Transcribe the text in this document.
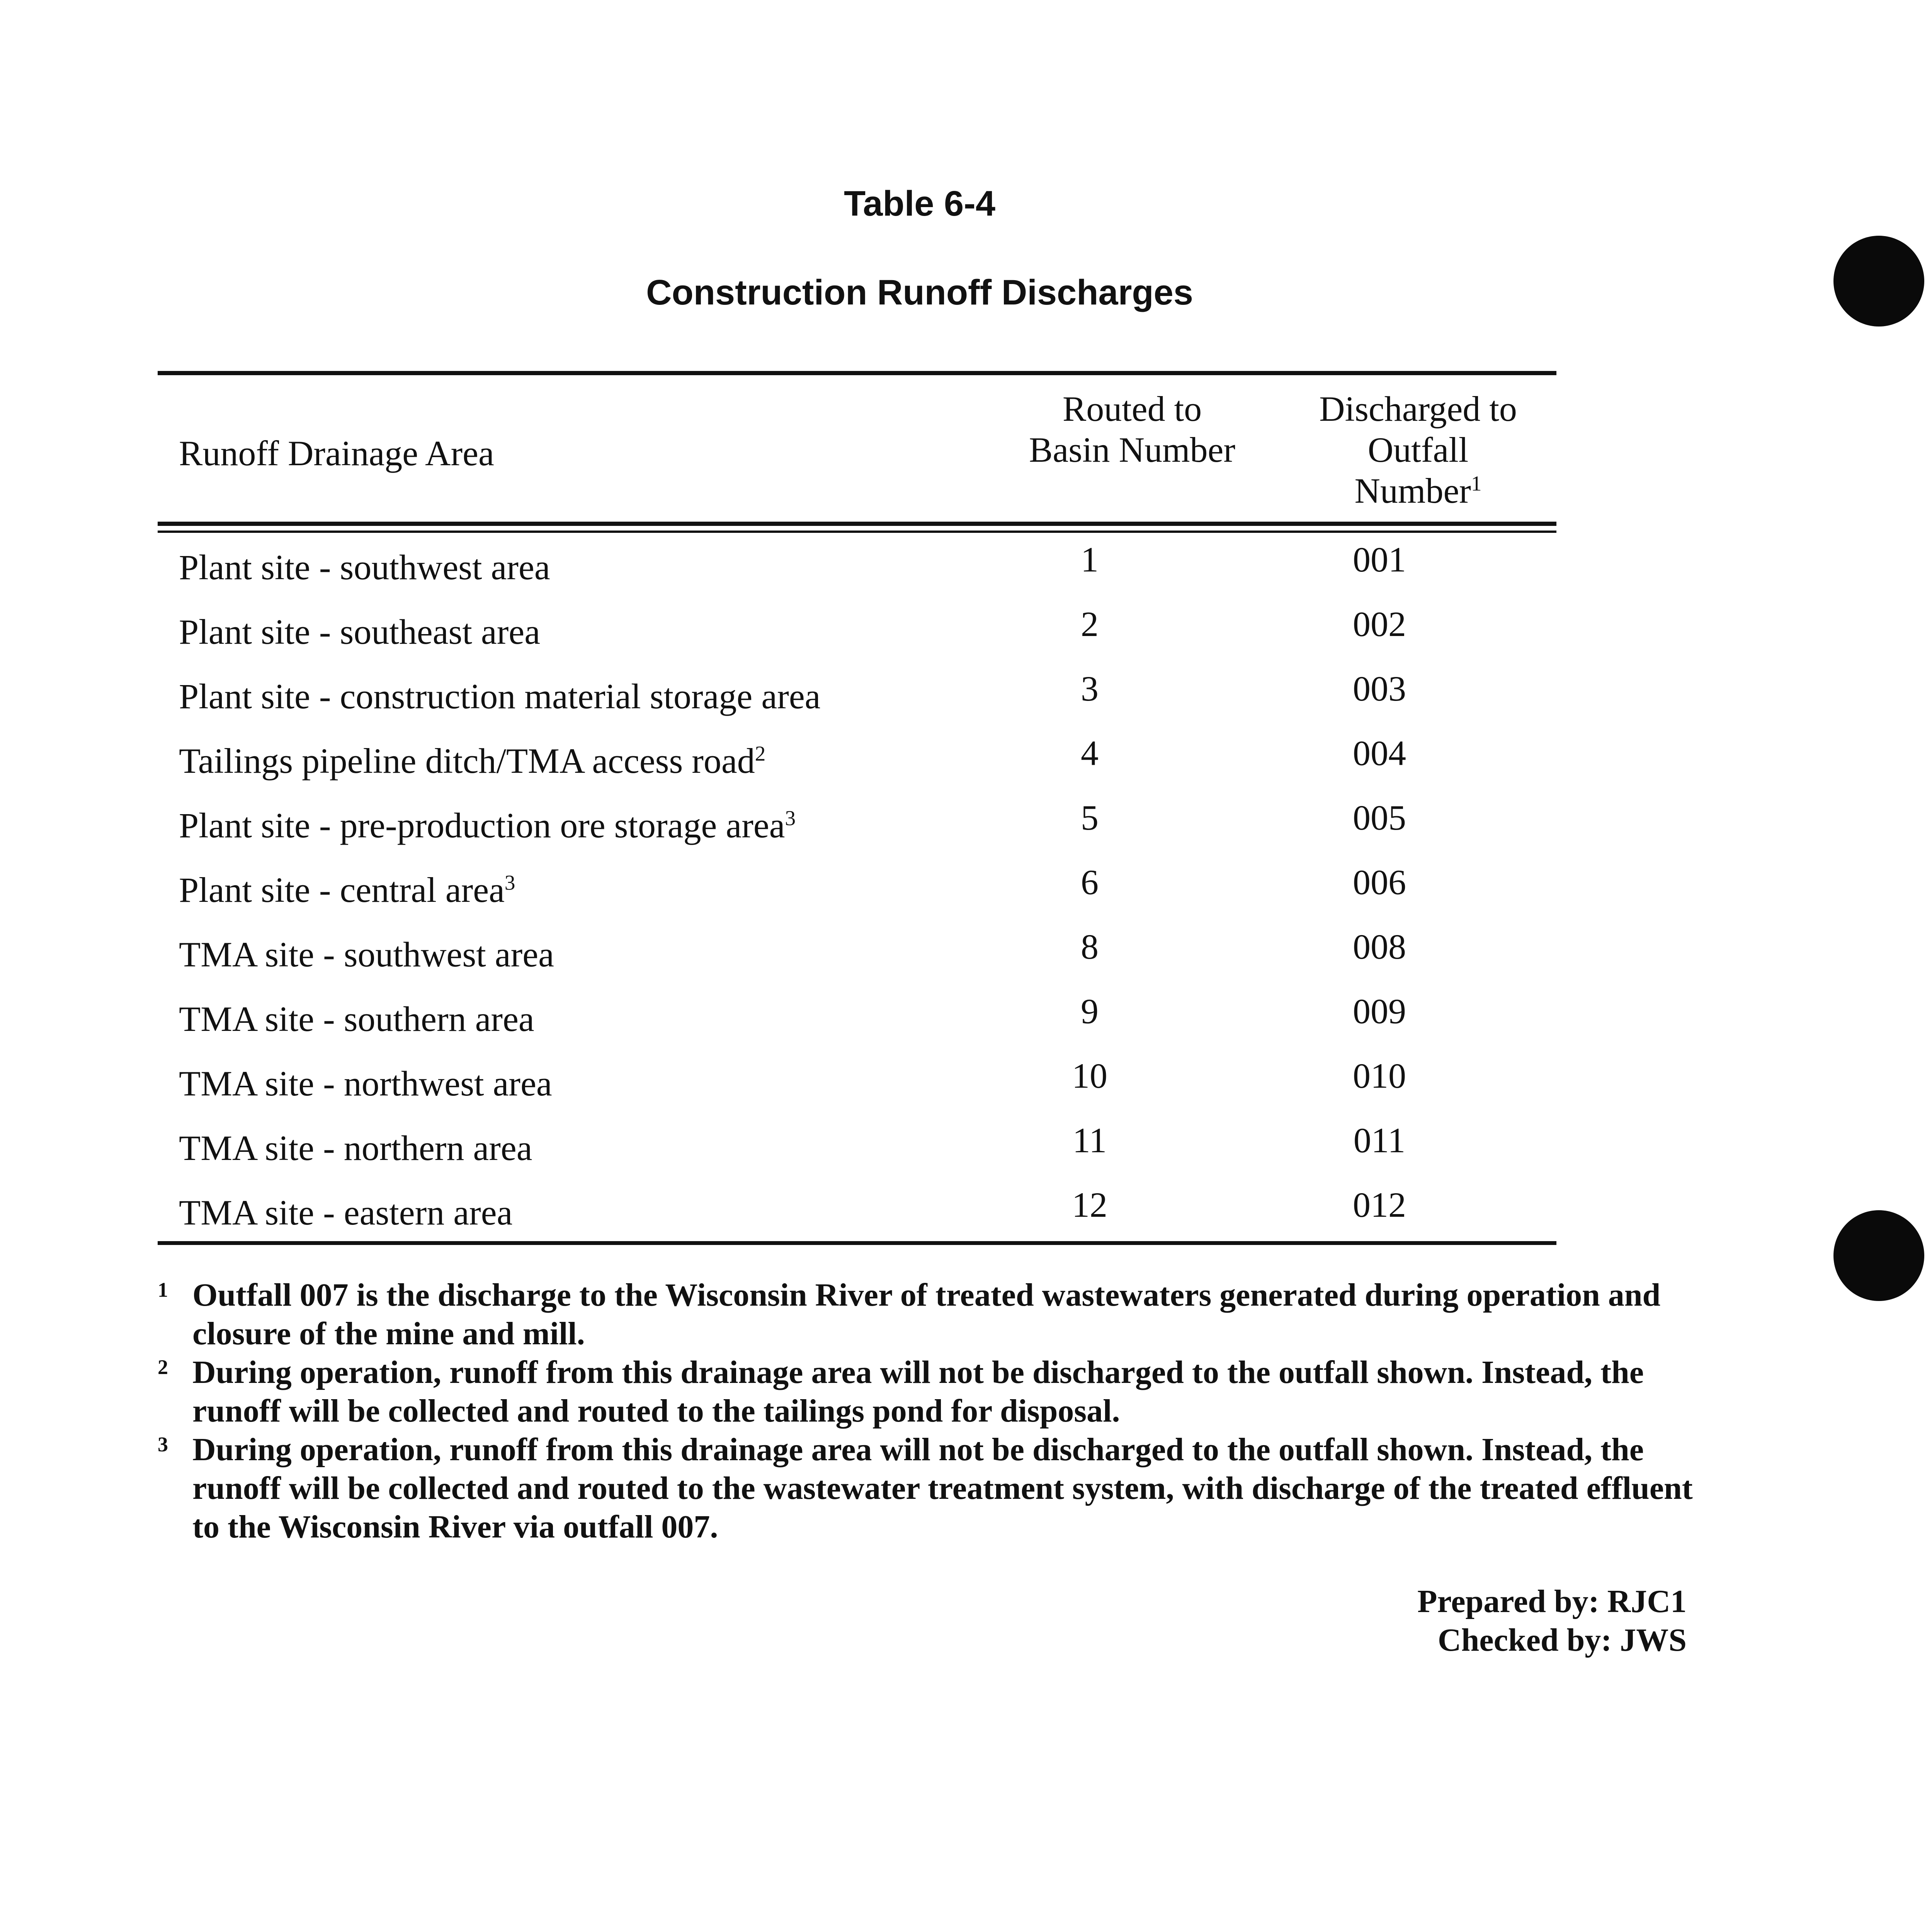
Table 6-4
Construction Runoff Discharges
Runoff Drainage Area
Routed to
Basin Number
Discharged to
Outfall
Number$^1$
Plant site - southwest area	1	001
Plant site - southeast area	2	002
Plant site - construction material storage area	3	003
Tailings pipeline ditch/TMA access road$^2$	4	004
Plant site - pre-production ore storage area$^3$	5	005
Plant site - central area$^3$	6	006
TMA site - southwest area	8	008
TMA site - southern area	9	009
TMA site - northwest area	10	010
TMA site - northern area	11	011
TMA site - eastern area	12	012
1 Outfall 007 is the discharge to the Wisconsin River of treated wastewaters generated during operation and closure of the mine and mill.
2 During operation, runoff from this drainage area will not be discharged to the outfall shown. Instead, the runoff will be collected and routed to the tailings pond for disposal.
3 During operation, runoff from this drainage area will not be discharged to the outfall shown. Instead, the runoff will be collected and routed to the wastewater treatment system, with discharge of the treated effluent to the Wisconsin River via outfall 007.
Prepared by: RJC1
Checked by: JWS
